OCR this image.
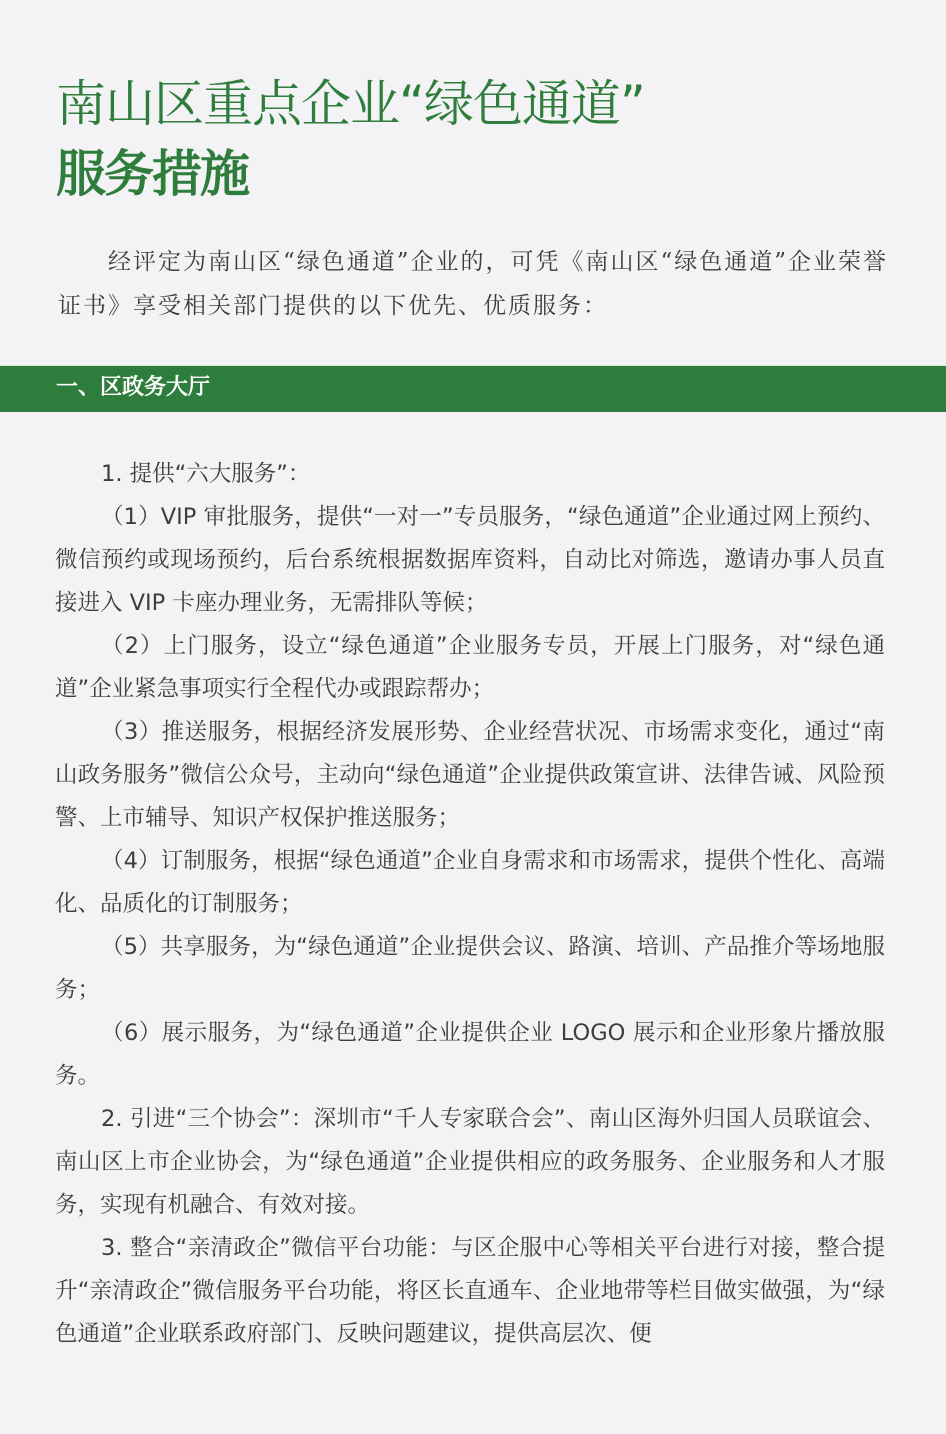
南山区重点企业“绿色通道”
服务措施

经评定为南山区“绿色通道”企业的，可凭《南山区“绿色通道”企业荣誉证书》享受相关部门提供的以下优先、优质服务：

一、区政务大厅

1. 提供“六大服务”：

（1）VIP 审批服务，提供“一对一”专员服务，“绿色通道”企业通过网上预约、微信预约或现场预约，后台系统根据数据库资料，自动比对筛选，邀请办事人员直接进入 VIP 卡座办理业务，无需排队等候；

（2）上门服务，设立“绿色通道”企业服务专员，开展上门服务，对“绿色通道”企业紧急事项实行全程代办或跟踪帮办；

（3）推送服务，根据经济发展形势、企业经营状况、市场需求变化，通过“南山政务服务”微信公众号，主动向“绿色通道”企业提供政策宣讲、法律告诫、风险预警、上市辅导、知识产权保护推送服务；

（4）订制服务，根据“绿色通道”企业自身需求和市场需求，提供个性化、高端化、品质化的订制服务；

（5）共享服务，为“绿色通道”企业提供会议、路演、培训、产品推介等场地服务；

（6）展示服务，为“绿色通道”企业提供企业 LOGO 展示和企业形象片播放服务。

2. 引进“三个协会”：深圳市“千人专家联合会”、南山区海外归国人员联谊会、南山区上市企业协会，为“绿色通道”企业提供相应的政务服务、企业服务和人才服务，实现有机融合、有效对接。

3. 整合“亲清政企”微信平台功能：与区企服中心等相关平台进行对接，整合提升“亲清政企”微信服务平台功能，将区长直通车、企业地带等栏目做实做强，为“绿色通道”企业联系政府部门、反映问题建议，提供高层次、便
